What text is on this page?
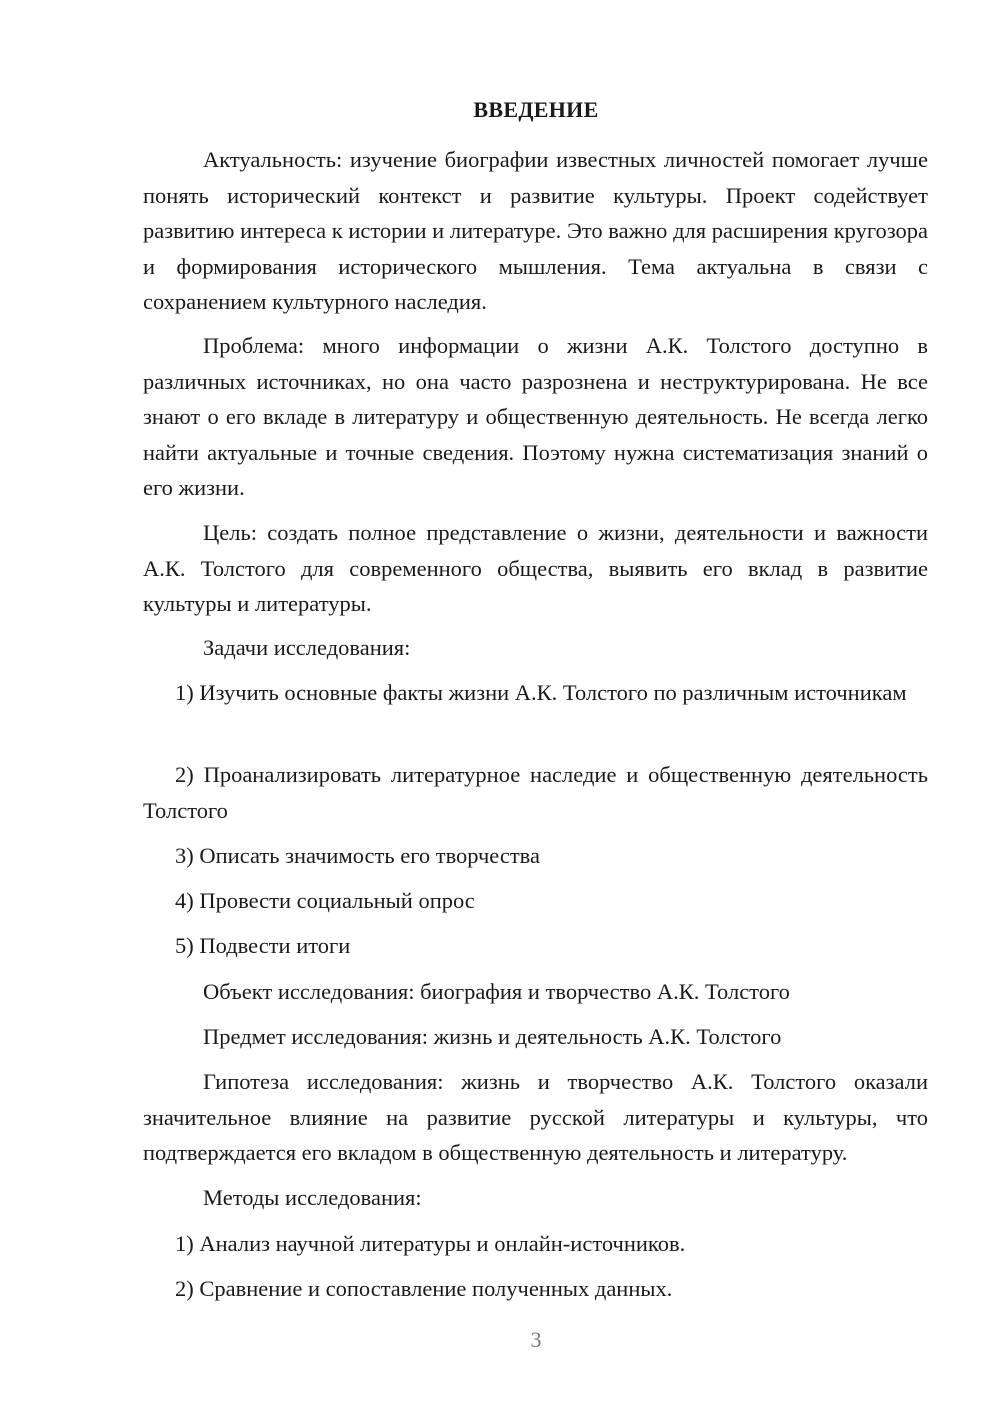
ВВЕДЕНИЕ
Актуальность: изучение биографии известных личностей помогает лучше понять исторический контекст и развитие культуры. Проект содействует развитию интереса к истории и литературе. Это важно для расширения кругозора и формирования исторического мышления. Тема актуальна в связи с сохранением культурного наследия.
Проблема: много информации о жизни А.К. Толстого доступно в различных источниках, но она часто разрознена и неструктурирована. Не все знают о его вкладе в литературу и общественную деятельность. Не всегда легко найти актуальные и точные сведения. Поэтому нужна систематизация знаний о его жизни.
Цель: создать полное представление о жизни, деятельности и важности А.К. Толстого для современного общества, выявить его вклад в развитие культуры и литературы.
Задачи исследования:
1) Изучить основные факты жизни А.К. Толстого по различным источникам
2) Проанализировать литературное наследие и общественную деятельность Толстого
3) Описать значимость его творчества
4) Провести социальный опрос
5) Подвести итоги
Объект исследования: биография и творчество А.К. Толстого
Предмет исследования: жизнь и деятельность А.К. Толстого
Гипотеза исследования: жизнь и творчество А.К. Толстого оказали значительное влияние на развитие русской литературы и культуры, что подтверждается его вкладом в общественную деятельность и литературу.
Методы исследования:
1) Анализ научной литературы и онлайн-источников.
2) Сравнение и сопоставление полученных данных.
3
